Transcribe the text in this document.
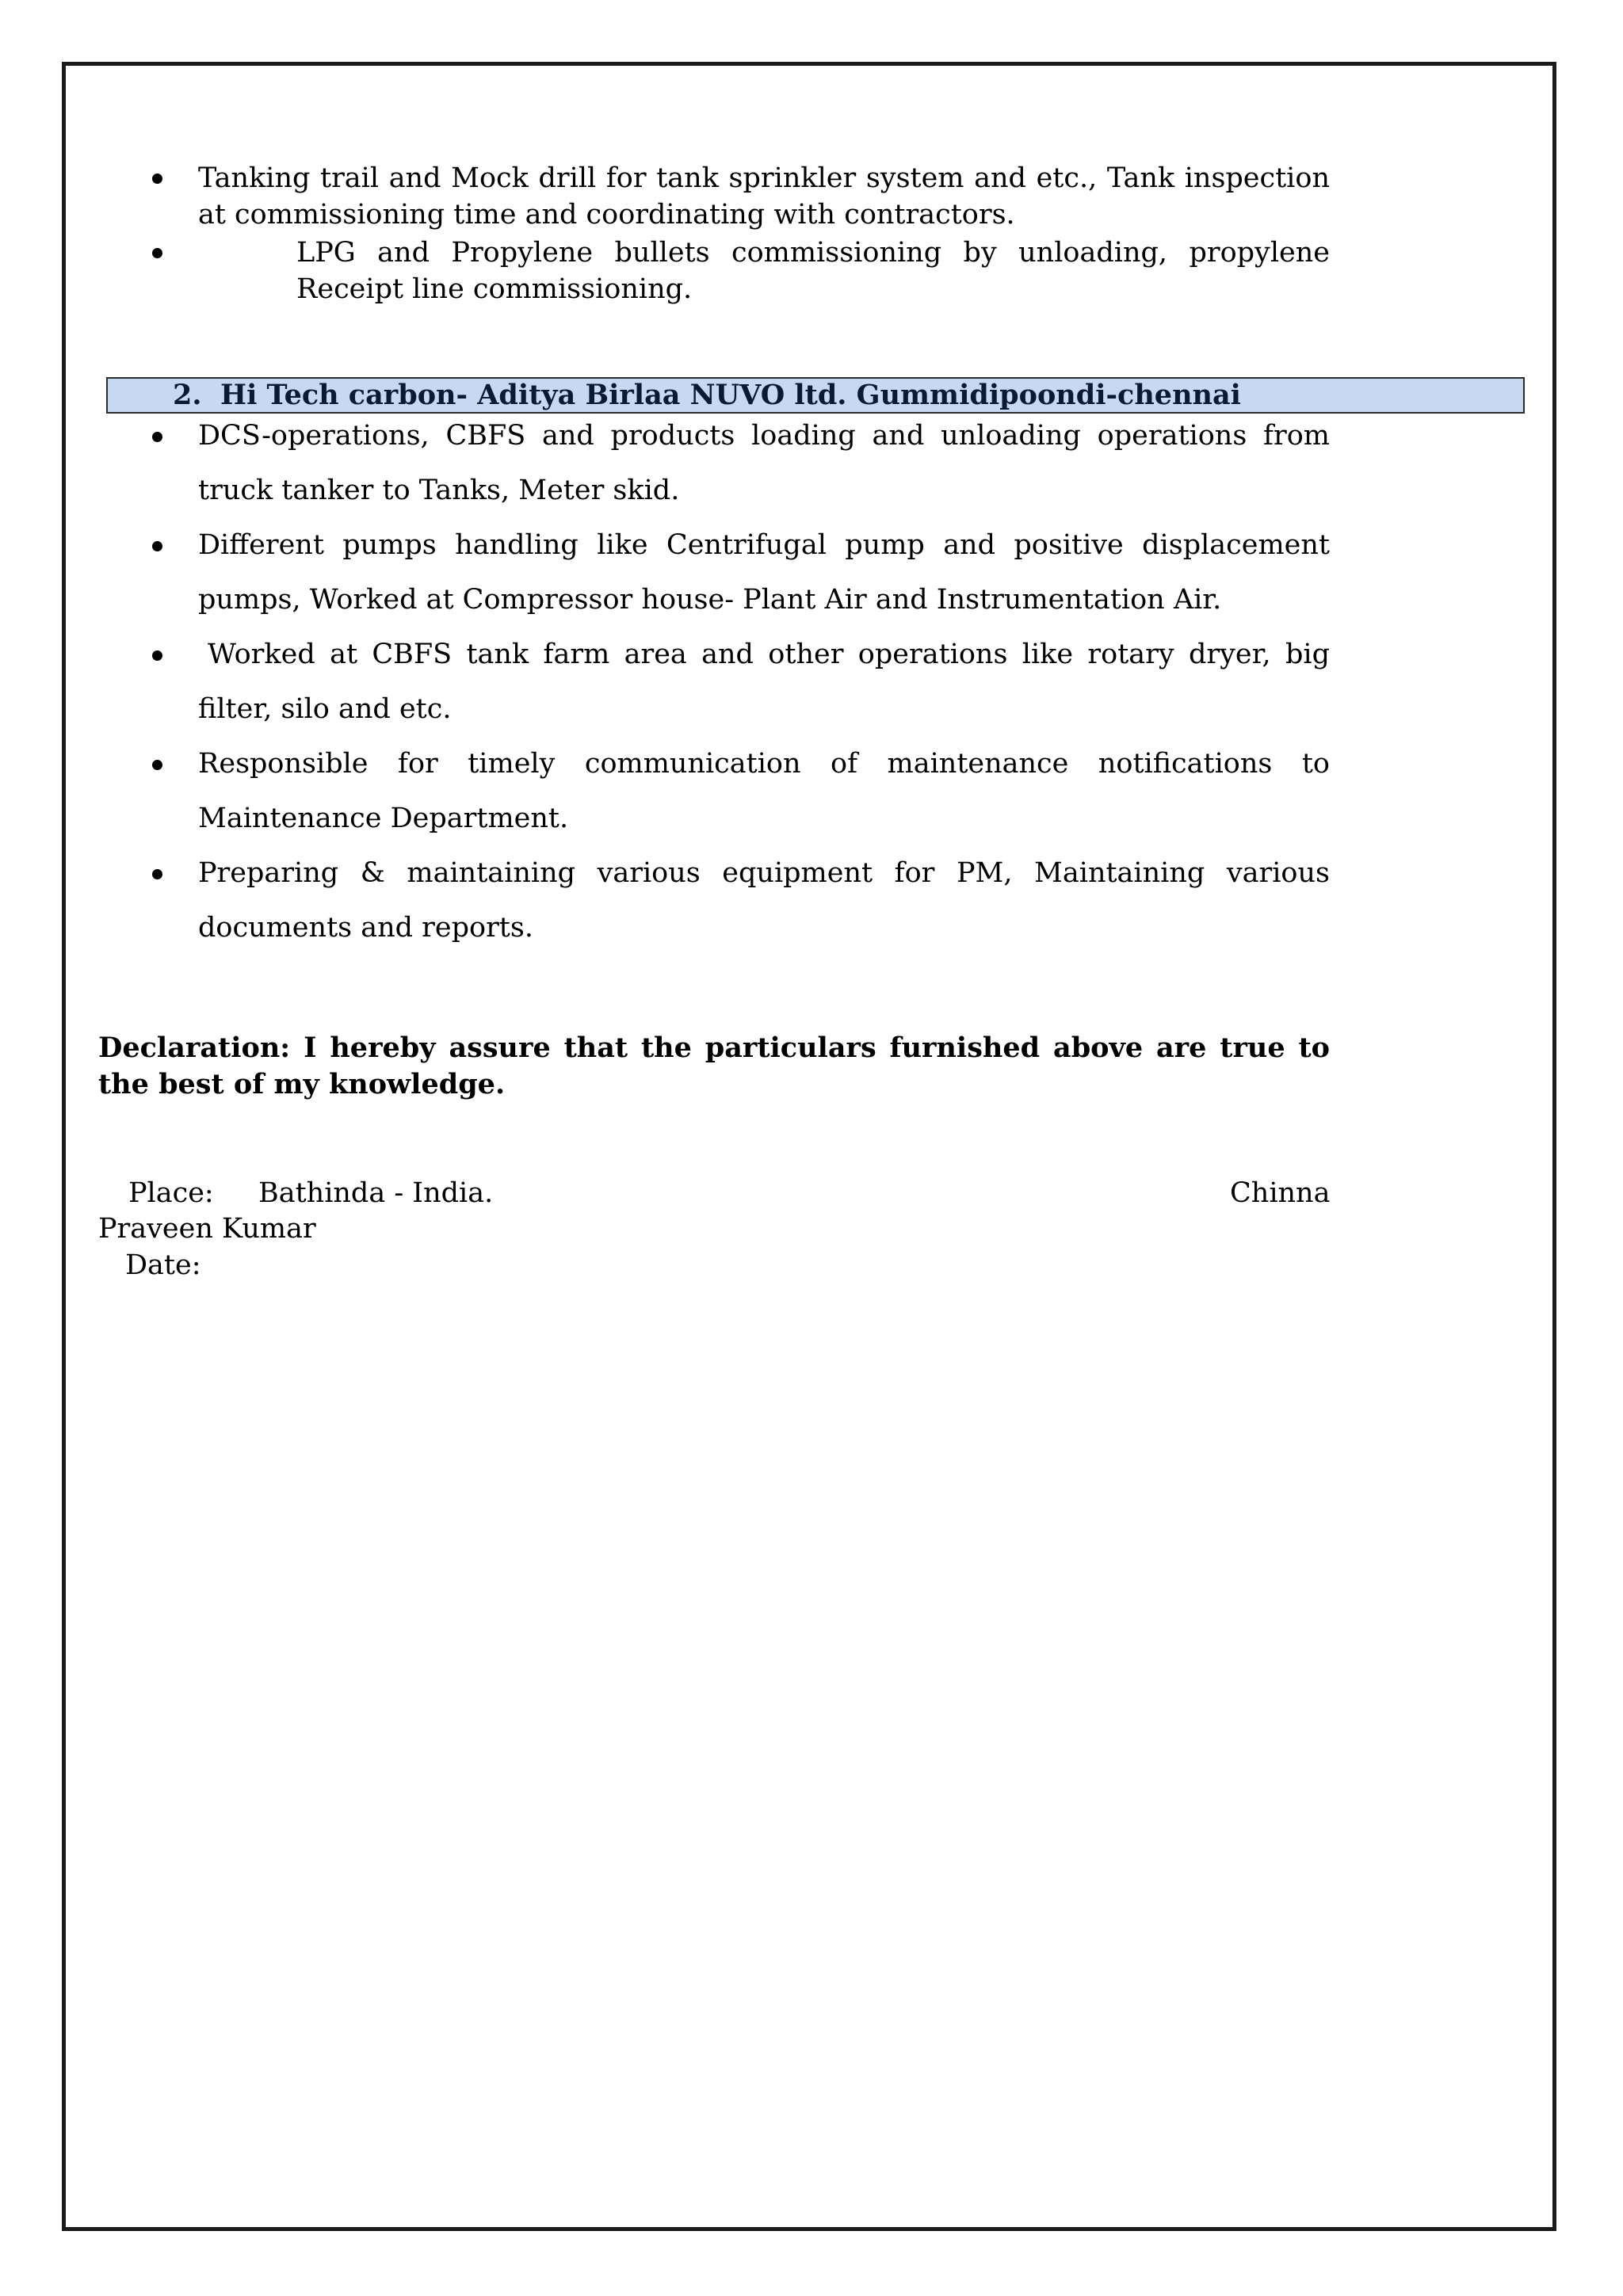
Tanking trail and Mock drill for tank sprinkler system and etc., Tank inspection at commissioning time and coordinating with contractors.
LPG and Propylene bullets commissioning by unloading, propylene Receipt line commissioning.
2. Hi Tech carbon- Aditya Birlaa NUVO ltd. Gummidipoondi-chennai
DCS-operations, CBFS and products loading and unloading operations from truck tanker to Tanks, Meter skid.
Different pumps handling like Centrifugal pump and positive displacement pumps, Worked at Compressor house- Plant Air and Instrumentation Air.
Worked at CBFS tank farm area and other operations like rotary dryer, big filter, silo and etc.
Responsible for timely communication of maintenance notifications to Maintenance Department.
Preparing & maintaining various equipment for PM, Maintaining various documents and reports.
Declaration: I hereby assure that the particulars furnished above are true to the best of my knowledge.
Place: Bathinda - India.	Chinna
Praveen Kumar
Date:
